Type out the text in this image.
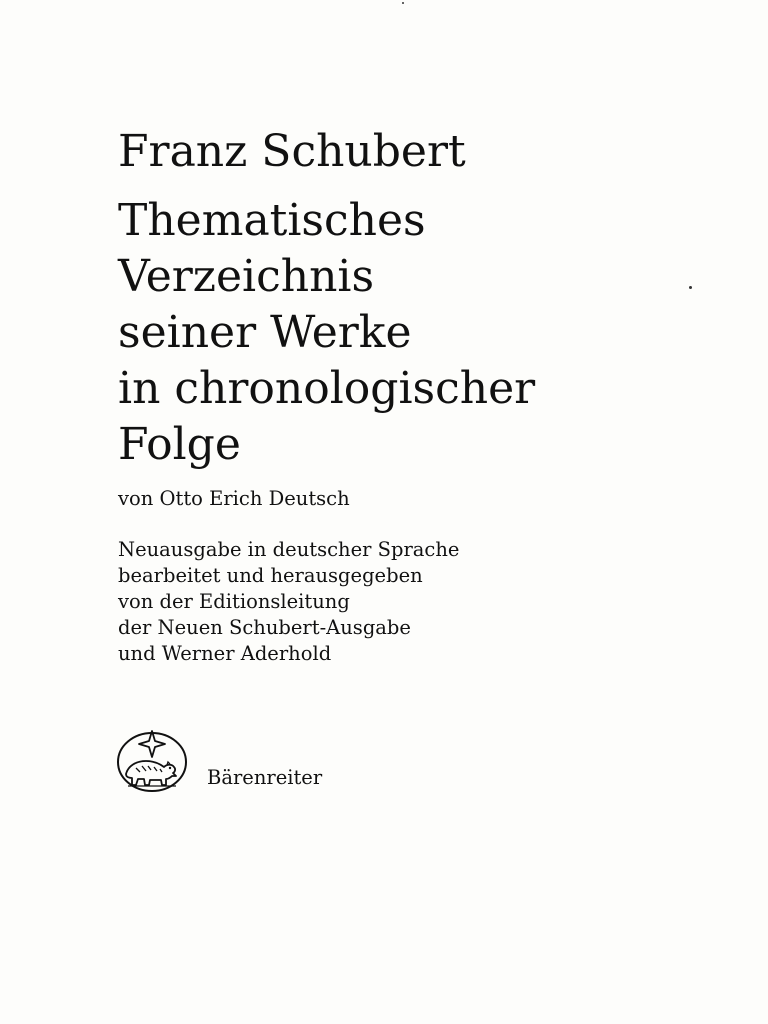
Franz Schubert
Thematisches
Verzeichnis
seiner Werke
in chronologischer
Folge
von Otto Erich Deutsch
Neuausgabe in deutscher Sprache
bearbeitet und herausgegeben
von der Editionsleitung
der Neuen Schubert-Ausgabe
und Werner Aderhold
Bärenreiter
